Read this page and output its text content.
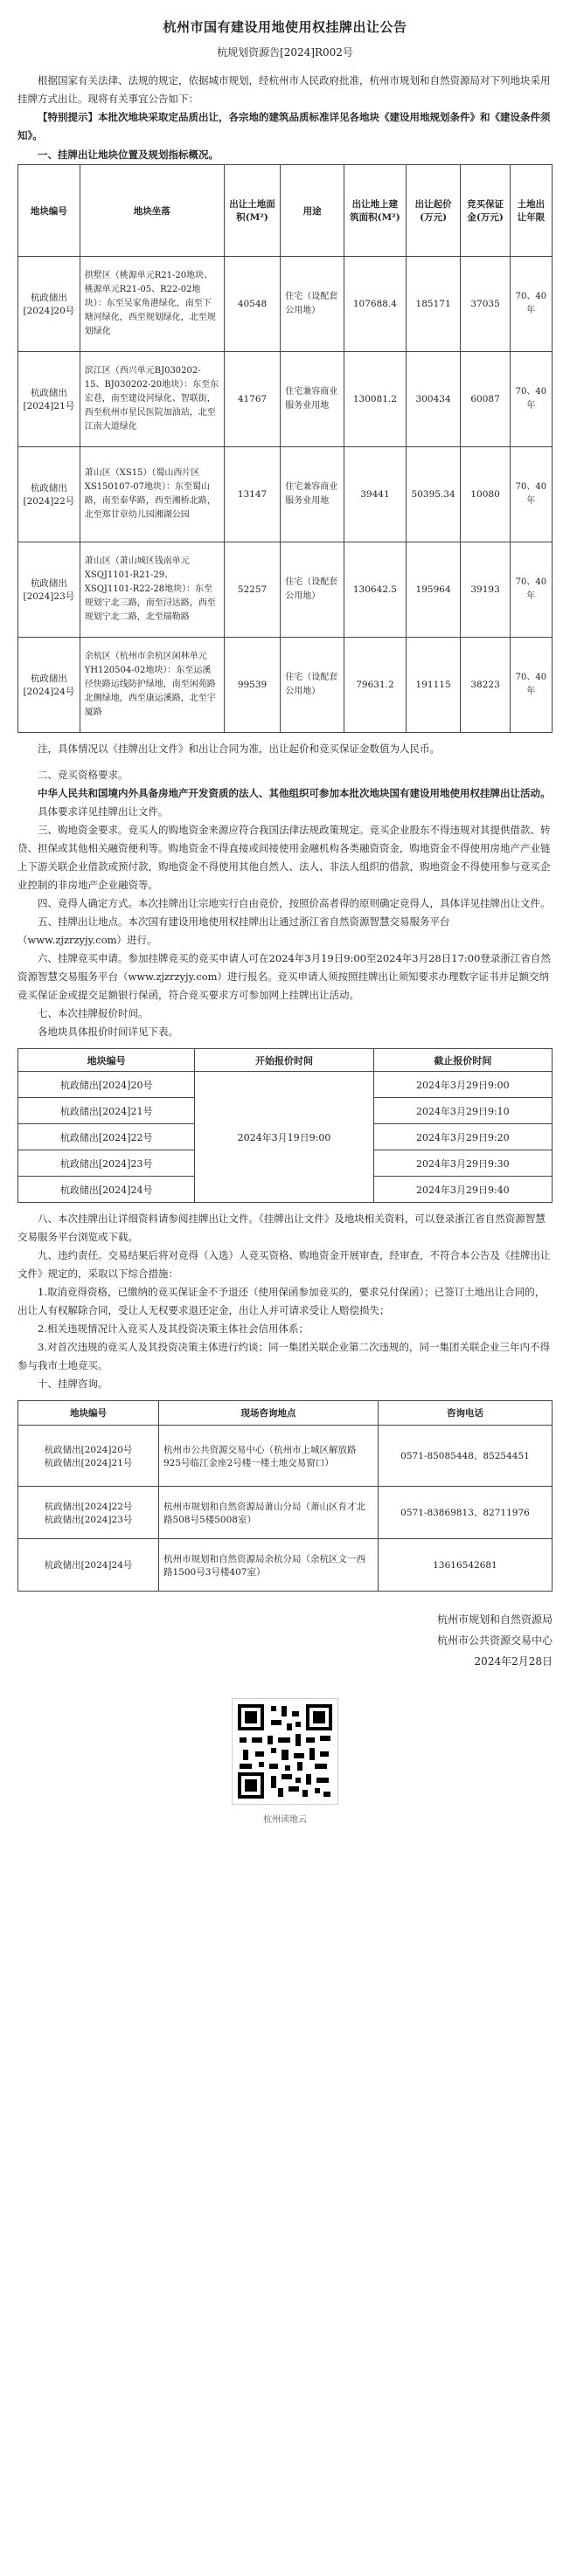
杭州市国有建设用地使用权挂牌出让公告
杭规划资源告[2024]R002号

根据国家有关法律、法规的规定，依据城市规划，经杭州市人民政府批准，杭州市规划和自然资源局对下列地块采用挂牌方式出让。现将有关事宜公告如下：

【特别提示】本批次地块采取定品质出让，各宗地的建筑品质标准详见各地块《建设用地规划条件》和《建设条件须知》。

一、挂牌出让地块位置及规划指标概况。

地块编号	地块坐落	出让土地面积(M²)	用途	出让地上建筑面积(M²)	出让起价(万元)	竞买保证金(万元)	土地出让年限
杭政储出[2024]20号	拱墅区（桃源单元R21-20地块、桃源单元R21-05、R22-02地块）：东至吴家角港绿化，南至下塘河绿化，西至规划绿化，北至规划绿化	40548	住宅（设配套公用地）	107688.4	185171	37035	70、40年
杭政储出[2024]21号	滨江区（西兴单元BJ030202-15、BJ030202-20地块）：东至东宏巷，南至建设河绿化、智联街，西至杭州市星民医院加油站，北至江南大道绿化	41767	住宅兼容商业服务业用地	130081.2	300434	60087	70、40年
杭政储出[2024]22号	萧山区（XS15）（蜀山西片区XS150107-07地块）：东至蜀山路，南至泰华路，西至湘桥北路，北至郑甘章幼儿园湘湖公园	13147	住宅兼容商业服务业用地	39441	50395.34	10080	70、40年
杭政储出[2024]23号	萧山区（萧山城区钱南单元XSQJ1101-R21-29、XSQJ1101-R22-28地块）：东至规划宁北三路，南至浔达路，西至规划宁北二路，北至瑞勒路	52257	住宅（设配套公用地）	130642.5	195964	39193	70、40年
杭政储出[2024]24号	余杭区（杭州市余杭区闲林单元YH120504-02地块）：东至运溪径快路运线防护绿地，南至闲苑路北侧绿地，西至康运溪路，北至宇厦路	99539	住宅（设配套公用地）	79631.2	191115	38223	70、40年

注，具体情况以《挂牌出让文件》和出让合同为准，出让起价和竞买保证金数值为人民币。

二、竞买资格要求。

中华人民共和国境内外具备房地产开发资质的法人、其他组织可参加本批次地块国有建设用地使用权挂牌出让活动。

具体要求详见挂牌出让文件。

三、购地资金要求。竞买人的购地资金来源应符合我国法律法规政策规定。竞买企业股东不得违规对其提供借款、转贷、担保或其他相关融资便利等。购地资金不得直接或间接使用金融机构各类融资资金，购地资金不得使用房地产产业链上下游关联企业借款或预付款，购地资金不得使用其他自然人、法人、非法人组织的借款，购地资金不得使用参与竞买企业控制的非房地产企业融资等。

四、竞得人确定方式。本次挂牌出让宗地实行自由竞价，按照价高者得的原则确定竞得人，具体详见挂牌出让文件。

五、挂牌出让地点。本次国有建设用地使用权挂牌出让通过浙江省自然资源智慧交易服务平台（www.zjzrzyjy.com）进行。

六、挂牌竞买申请。参加挂牌竞买的竞买申请人可在2024年3月19日9:00至2024年3月28日17:00登录浙江省自然资源智慧交易服务平台（www.zjzrzyjy.com）进行报名。竞买申请人须按照挂牌出让须知要求办理数字证书并足额交纳竞买保证金或提交足额银行保函，符合竞买要求方可参加网上挂牌出让活动。

七、本次挂牌报价时间。

各地块具体报价时间详见下表。

地块编号	开始报价时间	截止报价时间
杭政储出[2024]20号	2024年3月19日9:00	2024年3月29日9:00
杭政储出[2024]21号		2024年3月29日9:10
杭政储出[2024]22号		2024年3月29日9:20
杭政储出[2024]23号		2024年3月29日9:30
杭政储出[2024]24号		2024年3月29日9:40

八、本次挂牌出让详细资料请参阅挂牌出让文件。《挂牌出让文件》及地块相关资料，可以登录浙江省自然资源智慧交易服务平台浏览或下载。

九、违约责任。交易结果后将对竞得（入选）人竞买资格、购地资金开展审查，经审查，不符合本公告及《挂牌出让文件》规定的，采取以下综合措施：

1.取消竞得资格，已缴纳的竞买保证金不予退还（使用保函参加竞买的，要求兑付保函）；已签订土地出让合同的，出让人有权解除合同，受让人无权要求退还定金，出让人并可请求受让人赔偿损失；

2.相关违规情况计入竞买人及其投资决策主体社会信用体系；

3.对首次违规的竞买人及其投资决策主体进行约谈；同一集团关联企业第二次违规的，同一集团关联企业三年内不得参与我市土地竞买。

十、挂牌咨询。

地块编号	现场咨询地点	咨询电话

杭政储出[2024]20号
杭政储出[2024]21号	杭州市公共资源交易中心（杭州市上城区解放路925号临江金座2号楼一楼土地交易窗口）	0571-85085448、85254451

杭政储出[2024]22号
杭政储出[2024]23号	杭州市规划和自然资源局萧山分局（萧山区育才北路508号5楼5008室）	0571-83869813、82711976

杭政储出[2024]24号	杭州市规划和自然资源局余杭分局（余杭区文一西路1500号3号楼407室）	13616542681
杭州市规划和自然资源局
杭州市公共资源交易中心
2024年2月28日
杭州读地云
